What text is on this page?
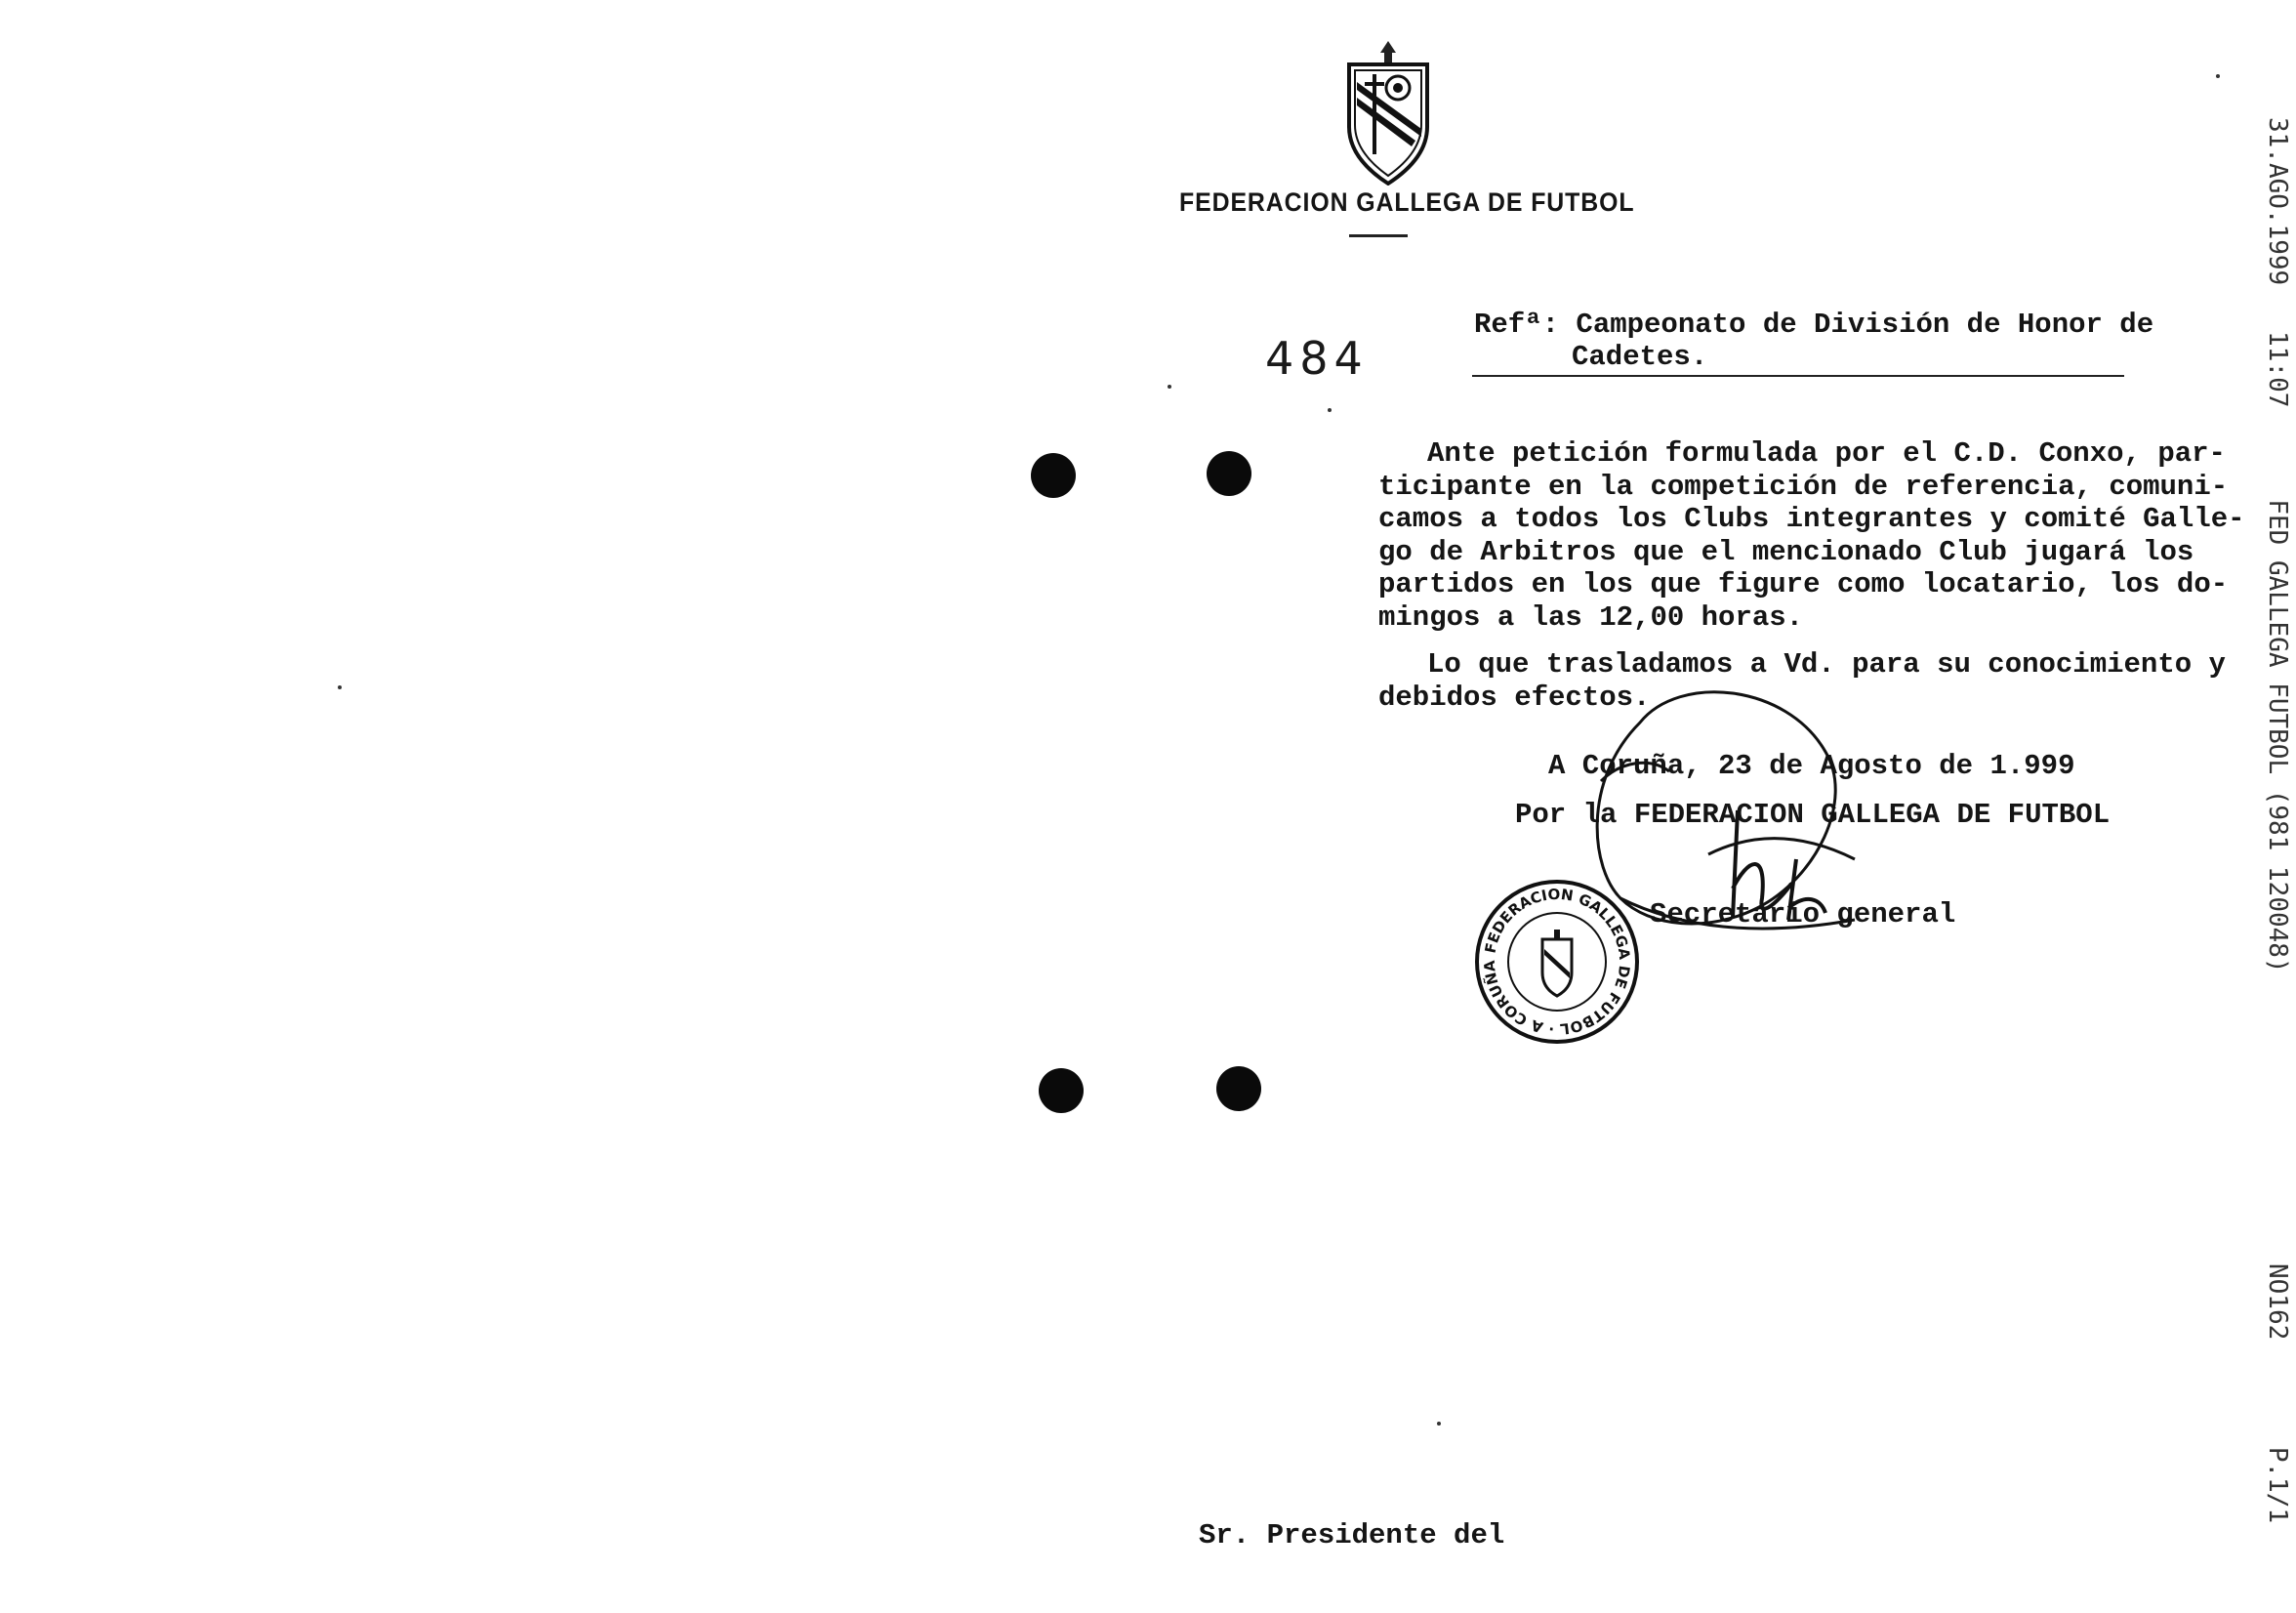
FEDERACION GALLEGA DE FUTBOL
484
Refª: Campeonato de División de Honor de
Cadetes.
Ante petición formulada por el C.D. Conxo, par-
ticipante en la competición de referencia, comuni-
camos a todos los Clubs integrantes y comité Galle-
go de Arbitros que el mencionado Club jugará los
partidos en los que figure como locatario, los do-
mingos a las 12,00 horas.
Lo que trasladamos a Vd. para su conocimiento y
debidos efectos.
A Coruña, 23 de Agosto de 1.999
Por la FEDERACION GALLEGA DE FUTBOL
Secretario general
FEDERACION GALLEGA DE FUTBOL · A CORUÑA	31.AGO.1999   11:07      FED GALLEGA FUTBOL (981 120048)                   NO162       P.1/1
Sr. Presidente del
